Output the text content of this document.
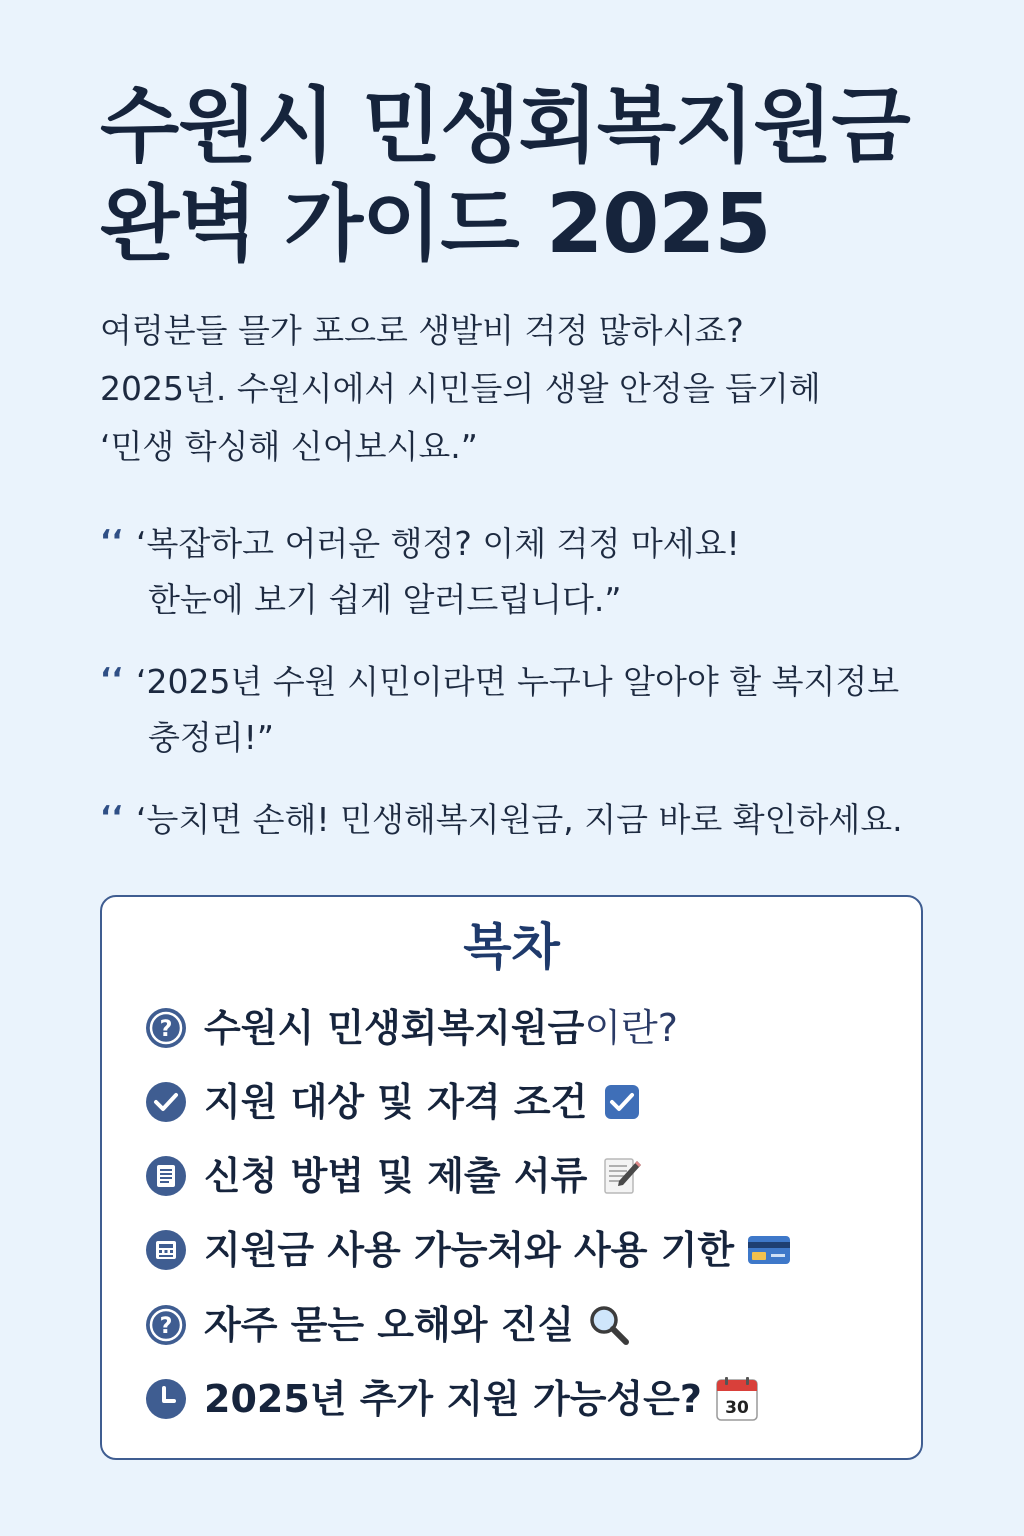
수원시 민생회복지원금
완벽 가이드 2025
여렁분들 믈가 포으로 생발비 걱정 많하시죠?
2025년. 수원시에서 시민들의 생왈 안정을 듭기헤
‘민생 학싱해 신어보시요.”
‘‘ ‘복잡하고 어러운 행정? 이체 걱정 마세요!
한눈에 보기 쉽게 알러드립니다.”
‘‘ ‘2025년 수원 시민이라면 누구나 알아야 할 복지정보
충정리!”
‘‘ ‘능치면 손해! 민생해복지원금, 지금 바로 확인하세요.
복차
? 수원시 민생회복지원금이란?
지원 대상 및 자격 조건
신청 방법 및 제출 서류
지원금 사용 가능처와 사용 기한
? 자주 묻는 오해와 진실
2025년 추가 지원 가능성은? 30
